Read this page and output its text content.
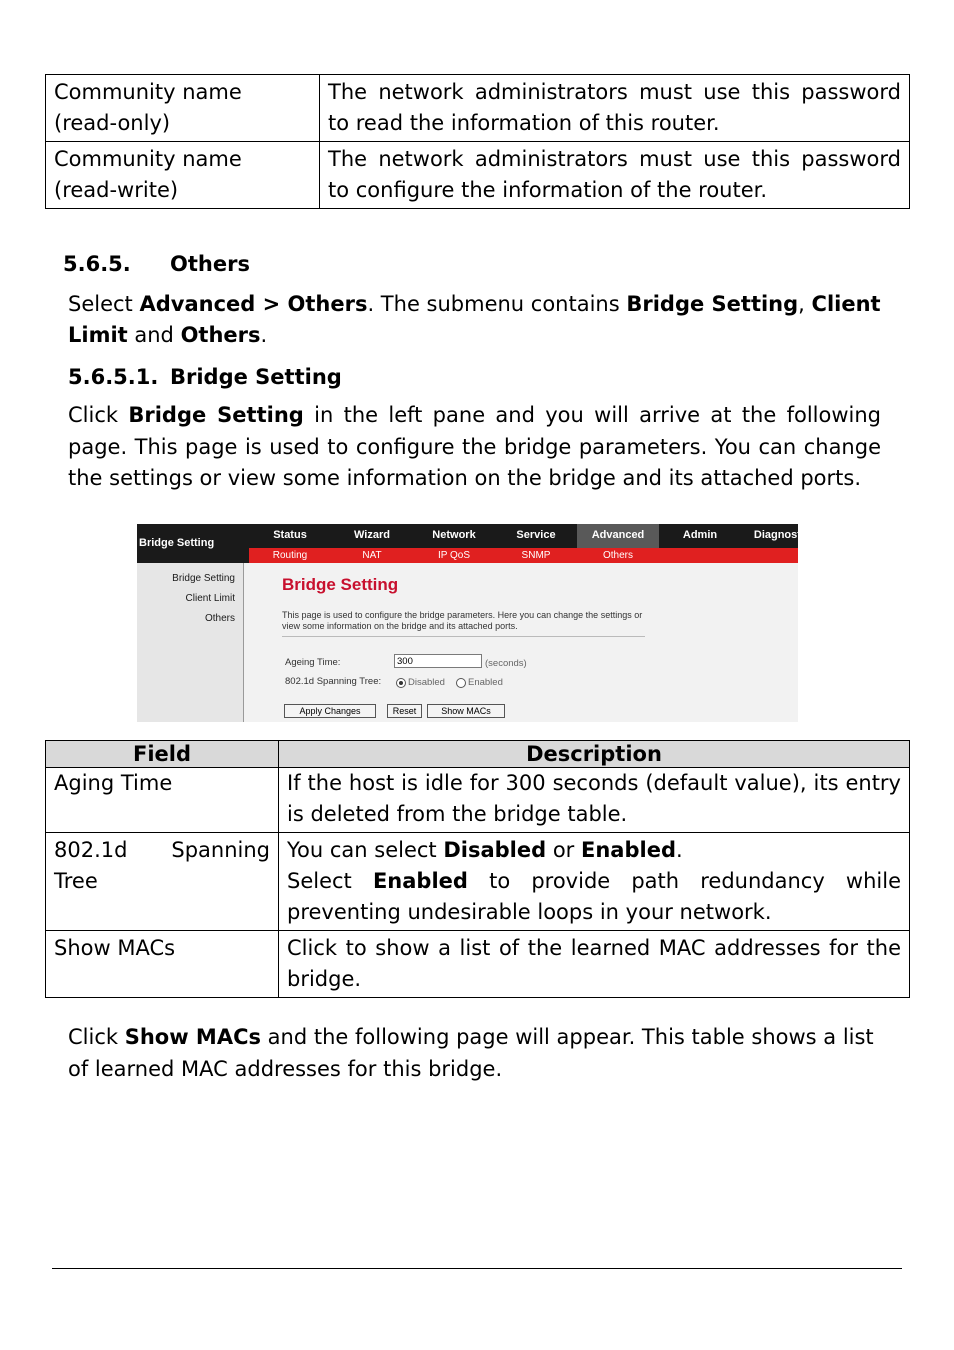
Community name (read-only)	The network administrators must use this password to read the information of this router.
Community name (read-write)	The network administrators must use this password to configure the information of the router.
5.6.5. Others

Select Advanced > Others. The submenu contains Bridge Setting, Client Limit and Others.

5.6.5.1. Bridge Setting

Click Bridge Setting in the left pane and you will arrive at the following page. This page is used to configure the bridge parameters. You can change the settings or view some information on the bridge and its attached ports.

Bridge Setting
Status	Wizard	Network	Service	Advanced	Admin	Diagnostic
Routing	NAT	IP QoS	SNMP	Others
Bridge Setting
Client Limit
Others
Bridge Setting
This page is used to configure the bridge parameters. Here you can change the settings or view some information on the bridge and its attached ports.
Ageing Time:	300	(seconds)
802.1d Spanning Tree:	Disabled Enabled
Apply Changes	Reset	Show MACs
Field	Description
Aging Time	If the host is idle for 300 seconds (default value), its entry is deleted from the bridge table.
802.1d Spanning Tree	You can select Disabled or Enabled.
Select Enabled to provide path redundancy while preventing undesirable loops in your network.

Show MACs	Click to show a list of the learned MAC addresses for the bridge.

Click Show MACs and the following page will appear. This table shows a list of learned MAC addresses for this bridge.
